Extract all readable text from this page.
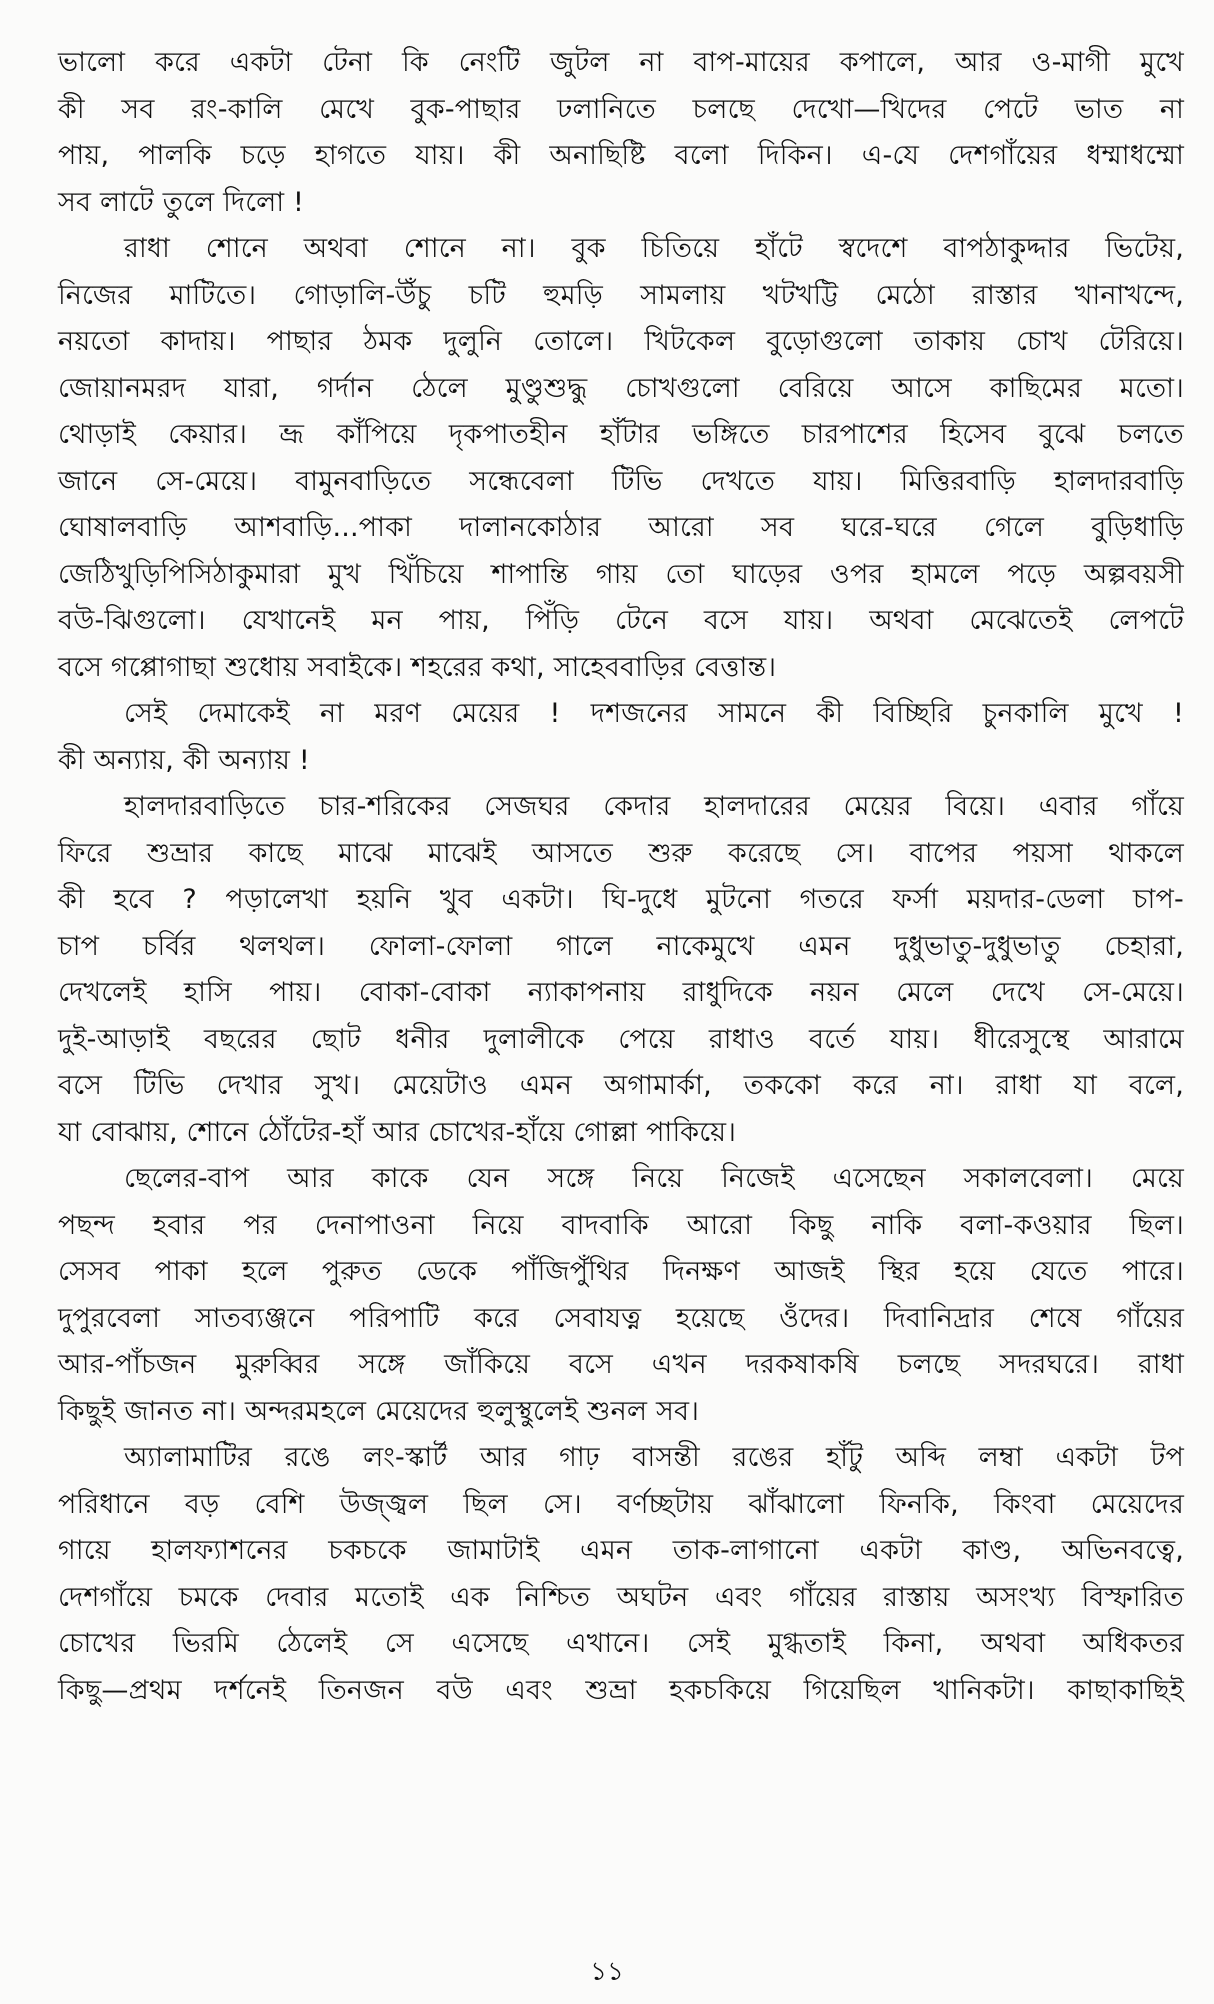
ভালো করে একটা টেনা কি নেংটি জুটল না বাপ-মায়ের কপালে, আর ও-মাগী মুখে
কী সব রং-কালি মেখে বুক-পাছার ঢলানিতে চলছে দেখো—খিদের পেটে ভাত না
পায়, পালকি চড়ে হাগতে যায়। কী অনাছিষ্টি বলো দিকিন। এ-যে দেশগাঁয়ের ধম্মাধম্মো
সব লাটে তুলে দিলো !
রাধা শোনে অথবা শোনে না। বুক চিতিয়ে হাঁটে স্বদেশে বাপঠাকুদ্দার ভিটেয়,
নিজের মাটিতে। গোড়ালি-উঁচু চটি হুমড়ি সামলায় খটখট্টি মেঠো রাস্তার খানাখন্দে,
নয়তো কাদায়। পাছার ঠমক দুলুনি তোলে। খিটকেল বুড়োগুলো তাকায় চোখ টেরিয়ে।
জোয়ানমরদ যারা, গর্দান ঠেলে মুণ্ডুশুদ্ধু চোখগুলো বেরিয়ে আসে কাছিমের মতো।
থোড়াই কেয়ার। ভ্রূ কাঁপিয়ে দৃকপাতহীন হাঁটার ভঙ্গিতে চারপাশের হিসেব বুঝে চলতে
জানে সে-মেয়ে। বামুনবাড়িতে সন্ধেবেলা টিভি দেখতে যায়। মিত্তিরবাড়ি হালদারবাড়ি
ঘোষালবাড়ি আশবাড়ি...পাকা দালানকোঠার আরো সব ঘরে-ঘরে গেলে বুড়িধাড়ি
জেঠিখুড়িপিসিঠাকুমারা মুখ খিঁচিয়ে শাপান্তি গায় তো ঘাড়ের ওপর হামলে পড়ে অল্পবয়সী
বউ-ঝিগুলো। যেখানেই মন পায়, পিঁড়ি টেনে বসে যায়। অথবা মেঝেতেই লেপটে
বসে গপ্পোগাছা শুধোয় সবাইকে। শহরের কথা, সাহেববাড়ির বেত্তান্ত।
সেই দেমাকেই না মরণ মেয়ের ! দশজনের সামনে কী বিচ্ছিরি চুনকালি মুখে !
কী অন্যায়, কী অন্যায় !
হালদারবাড়িতে চার-শরিকের সেজঘর কেদার হালদারের মেয়ের বিয়ে। এবার গাঁয়ে
ফিরে শুভ্রার কাছে মাঝে মাঝেই আসতে শুরু করেছে সে। বাপের পয়সা থাকলে
কী হবে ? পড়ালেখা হয়নি খুব একটা। ঘি-দুধে মুটনো গতরে ফর্সা ময়দার-ডেলা চাপ-
চাপ চর্বির থলথল। ফোলা-ফোলা গালে নাকেমুখে এমন দুধুভাতু-দুধুভাতু চেহারা,
দেখলেই হাসি পায়। বোকা-বোকা ন্যাকাপনায় রাধুদিকে নয়ন মেলে দেখে সে-মেয়ে।
দুই-আড়াই বছরের ছোট ধনীর দুলালীকে পেয়ে রাধাও বর্তে যায়। ধীরেসুস্থে আরামে
বসে টিভি দেখার সুখ। মেয়েটাও এমন অগামার্কা, তককো করে না। রাধা যা বলে,
যা বোঝায়, শোনে ঠোঁটের-হাঁ আর চোখের-হাঁয়ে গোল্লা পাকিয়ে।
ছেলের-বাপ আর কাকে যেন সঙ্গে নিয়ে নিজেই এসেছেন সকালবেলা। মেয়ে
পছন্দ হবার পর দেনাপাওনা নিয়ে বাদবাকি আরো কিছু নাকি বলা-কওয়ার ছিল।
সেসব পাকা হলে পুরুত ডেকে পাঁজিপুঁথির দিনক্ষণ আজই স্থির হয়ে যেতে পারে।
দুপুরবেলা সাতব্যঞ্জনে পরিপাটি করে সেবাযত্ন হয়েছে ওঁদের। দিবানিদ্রার শেষে গাঁয়ের
আর-পাঁচজন মুরুব্বির সঙ্গে জাঁকিয়ে বসে এখন দরকষাকষি চলছে সদরঘরে। রাধা
কিছুই জানত না। অন্দরমহলে মেয়েদের হুলুস্থুলেই শুনল সব।
অ্যালামাটির রঙে লং-স্কার্ট আর গাঢ় বাসন্তী রঙের হাঁটু অব্দি লম্বা একটা টপ
পরিধানে বড় বেশি উজ্জ্বল ছিল সে। বর্ণচ্ছটায় ঝাঁঝালো ফিনকি, কিংবা মেয়েদের
গায়ে হালফ্যাশনের চকচকে জামাটাই এমন তাক-লাগানো একটা কাণ্ড, অভিনবত্বে,
দেশগাঁয়ে চমকে দেবার মতোই এক নিশ্চিত অঘটন এবং গাঁয়ের রাস্তায় অসংখ্য বিস্ফারিত
চোখের ভিরমি ঠেলেই সে এসেছে এখানে। সেই মুগ্ধতাই কিনা, অথবা অধিকতর
কিছু—প্রথম দর্শনেই তিনজন বউ এবং শুভ্রা হকচকিয়ে গিয়েছিল খানিকটা। কাছাকাছিই
১১
